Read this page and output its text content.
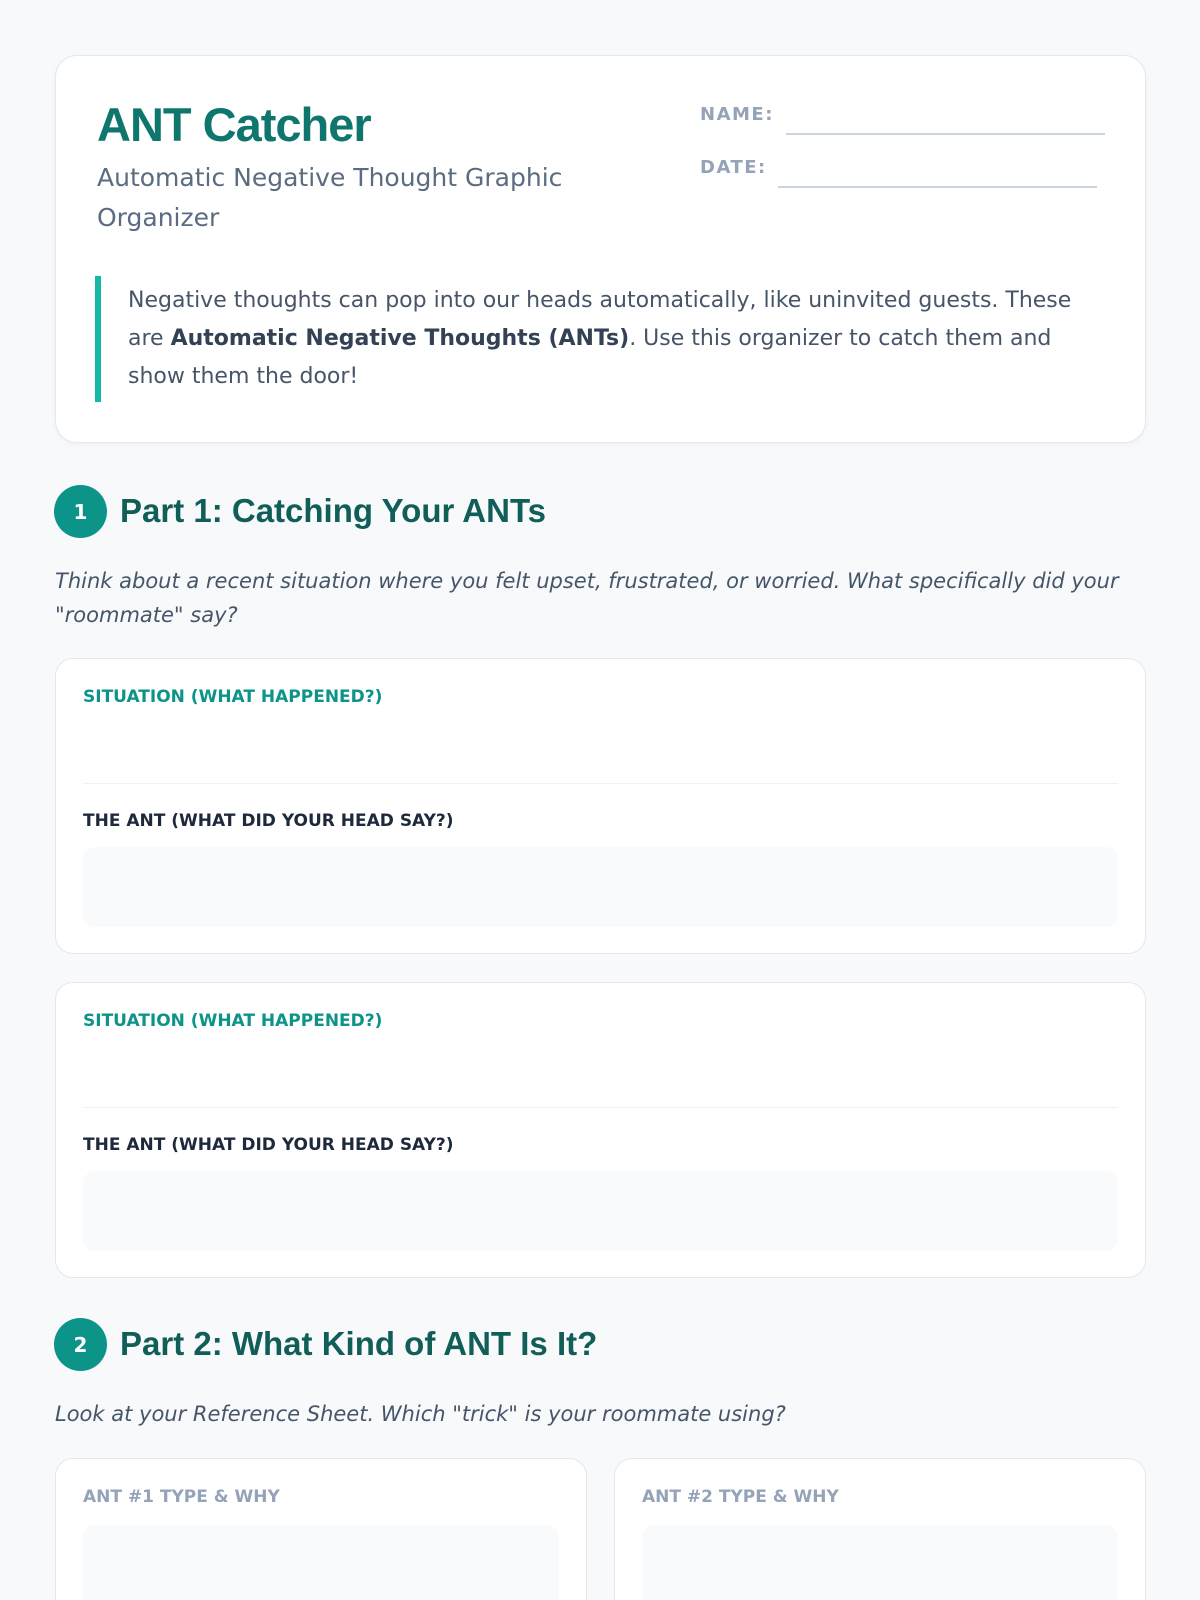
ANT Catcher
Automatic Negative Thought Graphic Organizer
NAME:
DATE:
Negative thoughts can pop into our heads automatically, like uninvited guests. These are Automatic Negative Thoughts (ANTs). Use this organizer to catch them and show them the door!
1 Part 1: Catching Your ANTs

Think about a recent situation where you felt upset, frustrated, or worried. What specifically did your "roommate" say?

SITUATION (WHAT HAPPENED?)
THE ANT (WHAT DID YOUR HEAD SAY?)
SITUATION (WHAT HAPPENED?)
THE ANT (WHAT DID YOUR HEAD SAY?)
2 Part 2: What Kind of ANT Is It?

Look at your Reference Sheet. Which "trick" is your roommate using?

ANT #1 TYPE & WHY	ANT #2 TYPE & WHY
